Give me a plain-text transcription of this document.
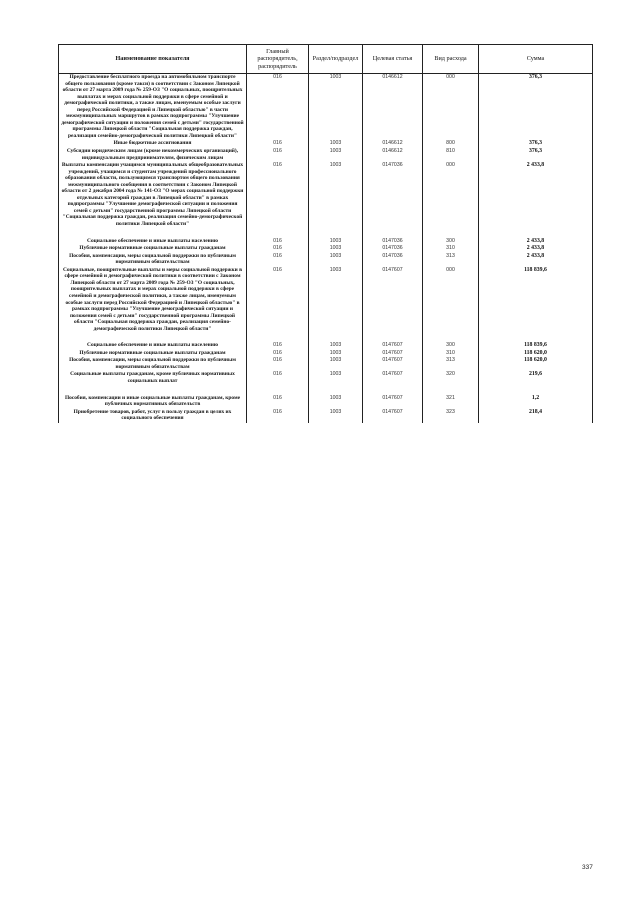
Наименование показателя	Главный распорядитель, распорядитель	Раздел/подраздел	Целевая статья	Вид расхода	Сумма
Предоставление бесплатного проезда на автомобильном транспорте общего пользования (кроме такси) в соответствии с Законом Липецкой области от 27 марта 2009 года № 259-ОЗ "О социальных, поощрительных выплатах и мерах социальной поддержки в сфере семейной и демографической политики, а также лицам, именуемым особые заслуги перед Российской Федерацией и Липецкой областью" в части межмуниципальных маршрутов в рамках подпрограммы "Улучшение демографической ситуации и положения семей с детьми" государственной программы Липецкой области "Социальная поддержка граждан, реализация семейно-демографической политики Липецкой области"	016	1003	0146612	000	376,3
Иные бюджетные ассигнования	016	1003	0146612	800	376,3
Субсидии юридическим лицам (кроме некоммерческих организаций), индивидуальным предпринимателям, физическим лицам	016	1003	0146612	810	376,3
Выплаты компенсации учащимся муниципальных общеобразовательных учреждений, учащимся и студентам учреждений профессионального образования области, пользующимся транспортом общего пользования межмуниципального сообщения в соответствии с Законом Липецкой области от 2 декабря 2004 года № 141-ОЗ "О мерах социальной поддержки отдельных категорий граждан в Липецкой области" в рамках подпрограммы "Улучшение демографической ситуации и положения семей с детьми" государственной программы Липецкой области "Социальная поддержка граждан, реализация семейно-демографической политики Липецкой области"	016	1003	0147036	000	2 433,8

Социальное обеспечение и иные выплаты населению	016	1003	0147036	300	2 433,8
Публичные нормативные социальные выплаты гражданам	016	1003	0147036	310	2 433,8
Пособия, компенсации, меры социальной поддержки по публичным нормативным обязательствам	016	1003	0147036	313	2 433,8
Социальные, поощрительные выплаты и меры социальной поддержки в сфере семейной и демографической политики в соответствии с Законом Липецкой области от 27 марта 2009 года № 259-ОЗ "О социальных, поощрительных выплатах и мерах социальной поддержки в сфере семейной и демографической политики, а также лицам, именуемым особые заслуги перед Российской Федерацией и Липецкой областью" в рамках подпрограммы "Улучшение демографической ситуации и положения семей с детьми" государственной программы Липецкой области "Социальная поддержка граждан, реализация семейно-демографической политики Липецкой области"	016	1003	0147607	000	118 839,6

Социальное обеспечение и иные выплаты населению	016	1003	0147607	300	118 839,6
Публичные нормативные социальные выплаты гражданам	016	1003	0147607	310	118 620,0
Пособия, компенсации, меры социальной поддержки по публичным нормативным обязательствам	016	1003	0147607	313	118 620,0
Социальные выплаты гражданам, кроме публичных нормативных социальных выплат	016	1003	0147607	320	219,6

Пособия, компенсации и иные социальные выплаты гражданам, кроме публичных нормативных обязательств	016	1003	0147607	321	1,2
Приобретение товаров, работ, услуг в пользу граждан в целях их социального обеспечения	016	1003	0147607	323	218,4
337
